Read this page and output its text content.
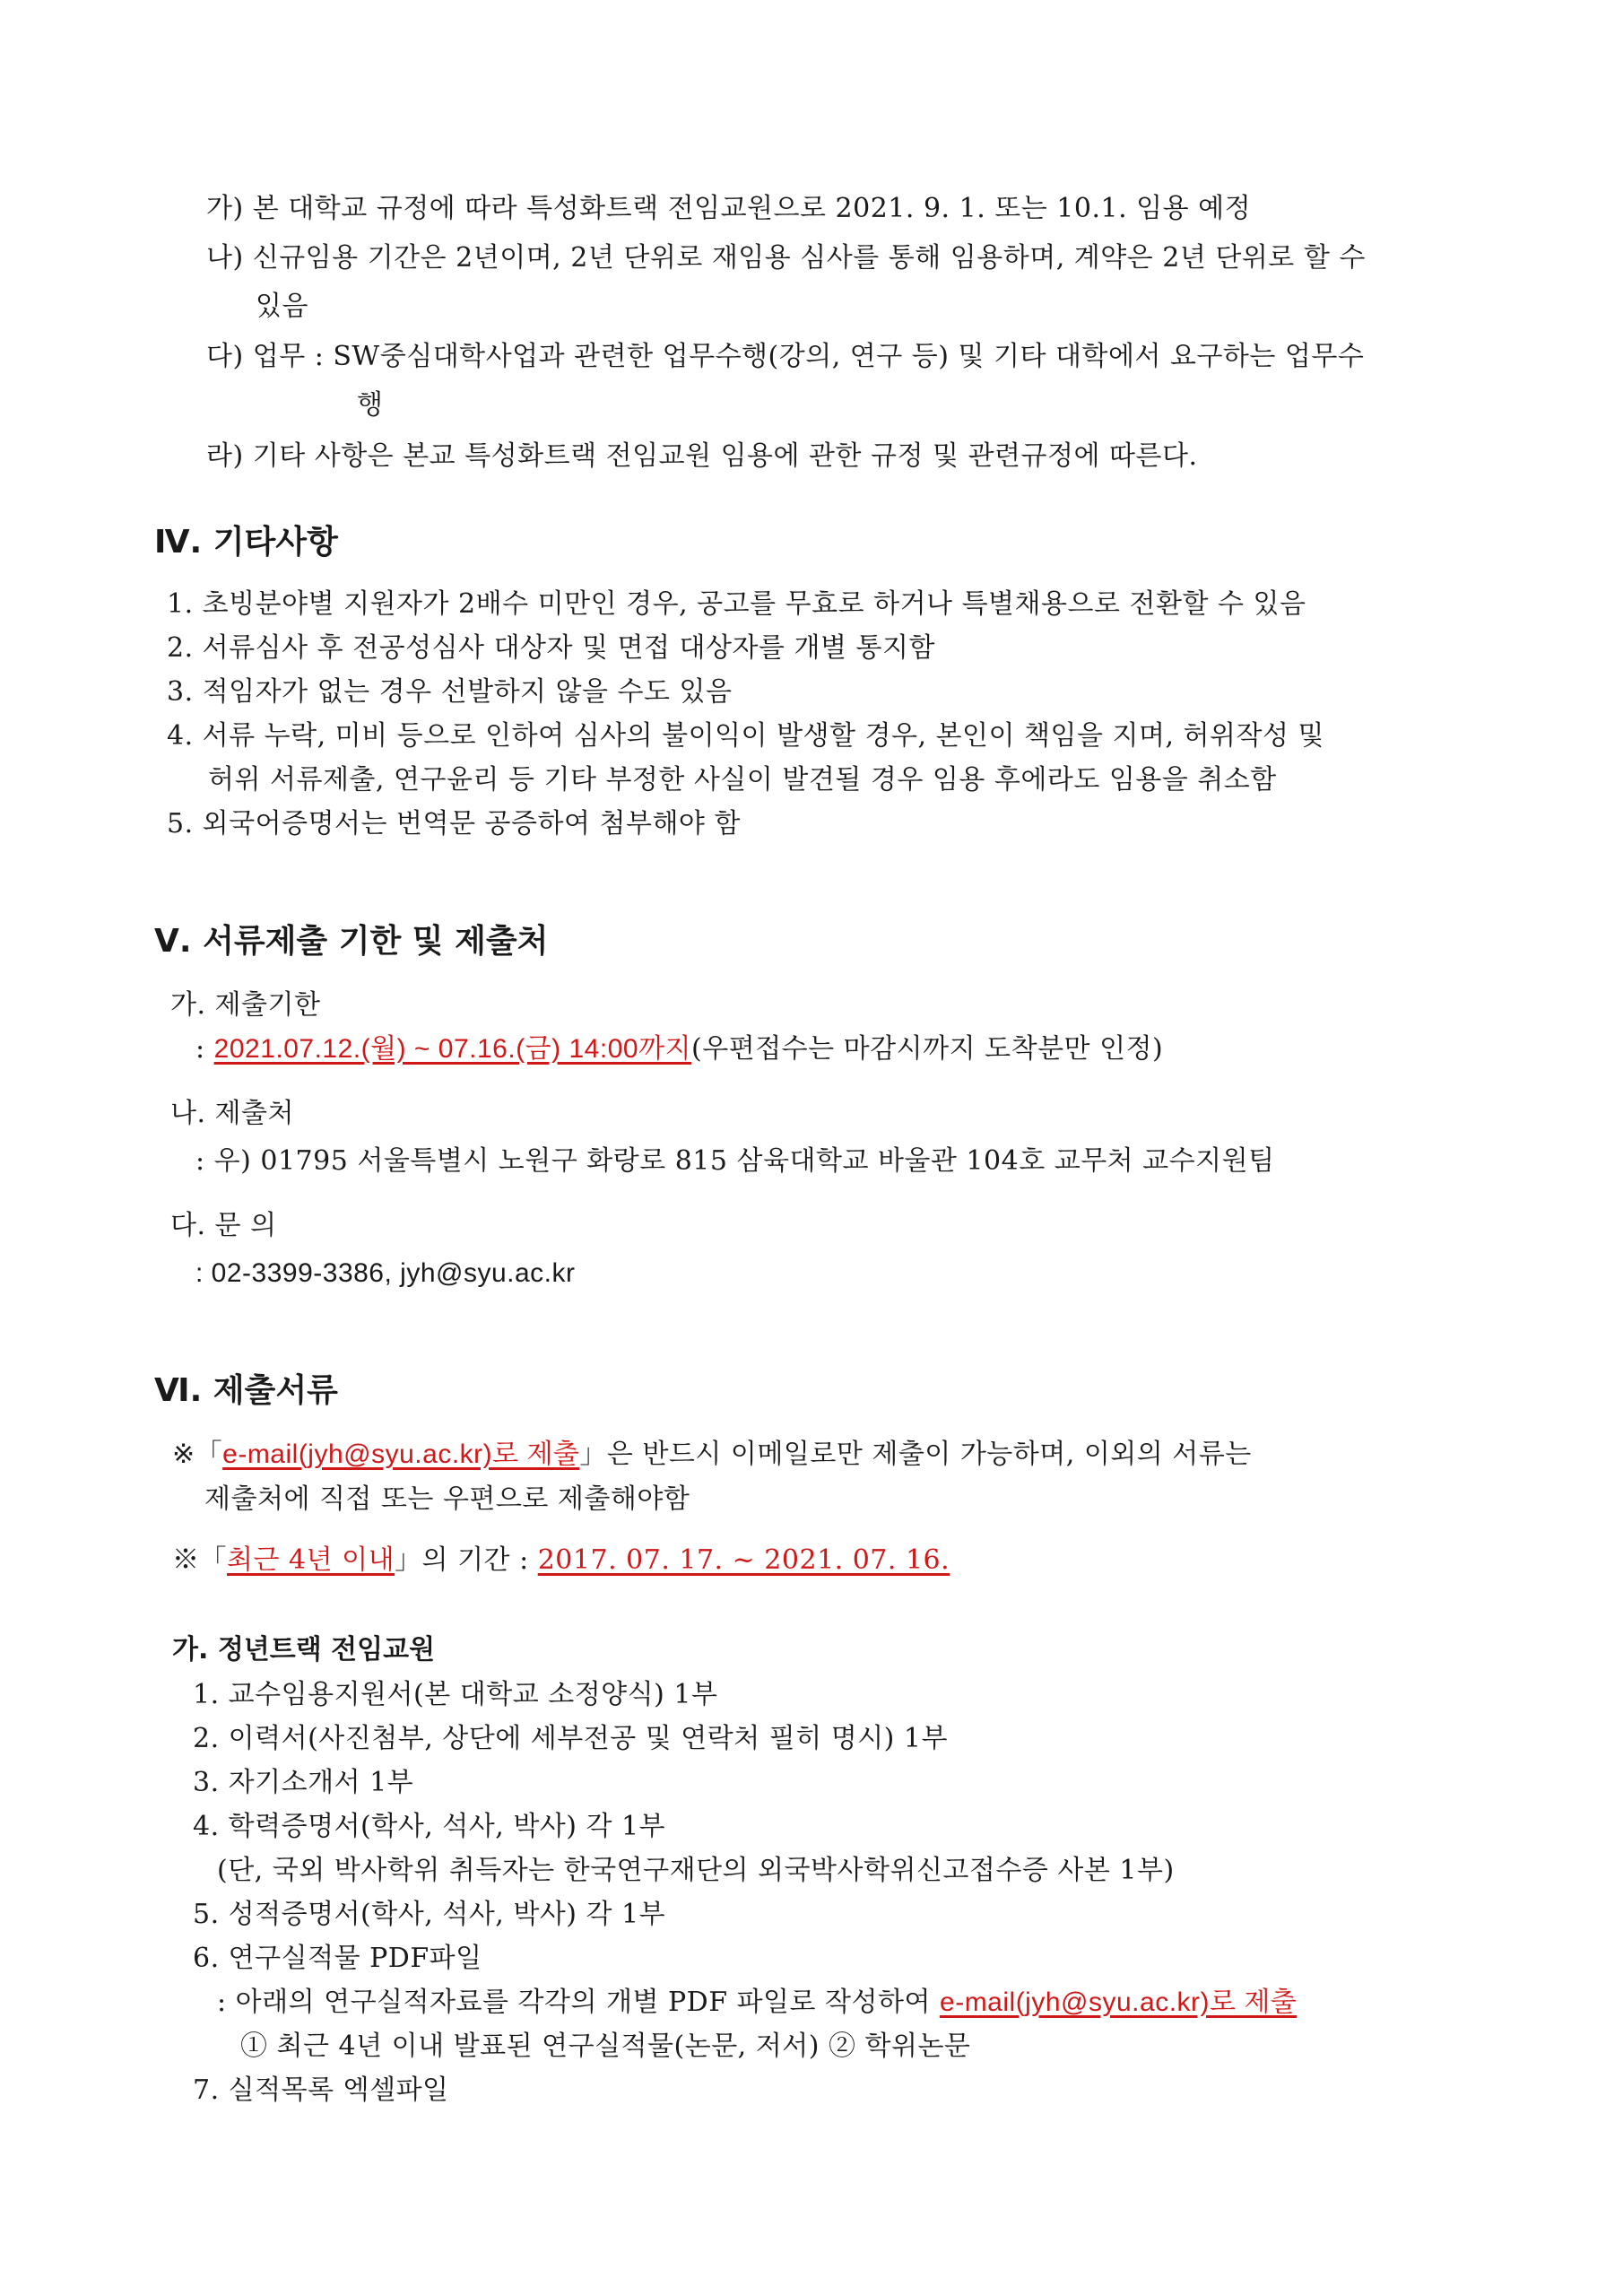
가) 본 대학교 규정에 따라 특성화트랙 전임교원으로 2021. 9. 1. 또는 10.1. 임용 예정
나) 신규임용 기간은 2년이며, 2년 단위로 재임용 심사를 통해 임용하며, 계약은 2년 단위로 할 수
있음
다) 업무 : SW중심대학사업과 관련한 업무수행(강의, 연구 등) 및 기타 대학에서 요구하는 업무수
행
라) 기타 사항은 본교 특성화트랙 전임교원 임용에 관한 규정 및 관련규정에 따른다.
Ⅳ. 기타사항
1. 초빙분야별 지원자가 2배수 미만인 경우, 공고를 무효로 하거나 특별채용으로 전환할 수 있음
2. 서류심사 후 전공성심사 대상자 및 면접 대상자를 개별 통지함
3. 적임자가 없는 경우 선발하지 않을 수도 있음
4. 서류 누락, 미비 등으로 인하여 심사의 불이익이 발생할 경우, 본인이 책임을 지며, 허위작성 및
허위 서류제출, 연구윤리 등 기타 부정한 사실이 발견될 경우 임용 후에라도 임용을 취소함
5. 외국어증명서는 번역문 공증하여 첨부해야 함
Ⅴ. 서류제출 기한 및 제출처
가. 제출기한
: 2021.07.12.(월) ~ 07.16.(금) 14:00까지(우편접수는 마감시까지 도착분만 인정)
나. 제출처
: 우) 01795 서울특별시 노원구 화랑로 815 삼육대학교 바울관 104호 교무처 교수지원팀
다. 문 의
: 02-3399-3386, jyh@syu.ac.kr
Ⅵ. 제출서류
※「e-mail(jyh@syu.ac.kr)로 제출」은 반드시 이메일로만 제출이 가능하며, 이외의 서류는
제출처에 직접 또는 우편으로 제출해야함
※「최근 4년 이내」의 기간 : 2017. 07. 17. ~ 2021. 07. 16.
가. 정년트랙 전임교원
1. 교수임용지원서(본 대학교 소정양식) 1부
2. 이력서(사진첨부, 상단에 세부전공 및 연락처 필히 명시) 1부
3. 자기소개서 1부
4. 학력증명서(학사, 석사, 박사) 각 1부
(단, 국외 박사학위 취득자는 한국연구재단의 외국박사학위신고접수증 사본 1부)
5. 성적증명서(학사, 석사, 박사) 각 1부
6. 연구실적물 PDF파일
: 아래의 연구실적자료를 각각의 개별 PDF 파일로 작성하여 e-mail(jyh@syu.ac.kr)로 제출
① 최근 4년 이내 발표된 연구실적물(논문, 저서) ② 학위논문
7. 실적목록 엑셀파일
